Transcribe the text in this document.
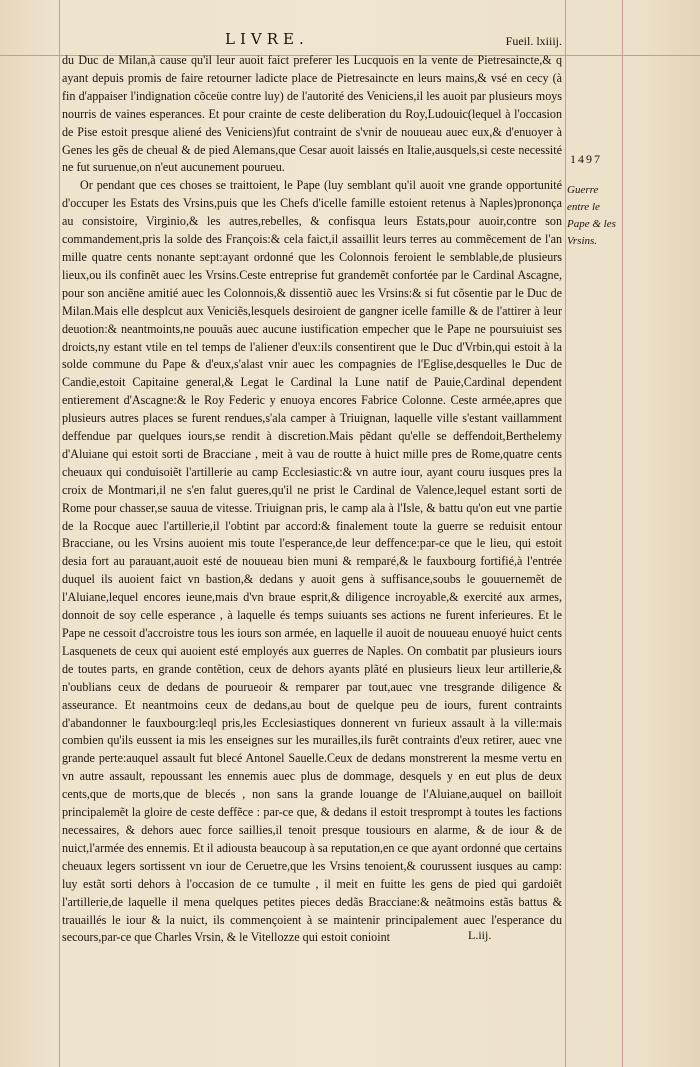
LIVRE.	Fueil. lxiiij.

du Duc de Milan,à cause qu'il leur auoit faict preferer les Lucquois en la vente de Pietresaincte,& q ayant depuis promis de faire retourner ladicte place de Pietresaincte en leurs mains,& vsé en cecy (à fin d'appaiser l'indignation cõceüe contre luy) de l'autorité des Veniciens,il les auoit par plusieurs moys nourris de vaines esperances. Et pour crainte de ceste deliberation du Roy,Ludouic(lequel à l'occasion de Pise estoit presque aliené des Veniciens)fut contraint de s'vnir de nouueau auec eux,& d'enuoyer à Genes les gẽs de cheual & de pied Alemans,que Cesar auoit laissés en Italie,ausquels,si ceste necessité ne fut suruenue,on n'eut aucunement pourueu.

Or pendant que ces choses se traittoient, le Pape (luy semblant qu'il auoit vne grande opportunité d'occuper les Estats des Vrsins,puis que les Chefs d'icelle famille estoient retenus à Naples)prononça au consistoire, Virginio,& les autres,rebelles, & confisqua leurs Estats,pour auoir,contre son commandement,pris la solde des François:& cela faict,il assaillit leurs terres au commẽcement de l'an mille quatre cents nonante sept:ayant ordonné que les Colonnois feroient le semblable,de plusieurs lieux,ou ils confinẽt auec les Vrsins.Ceste entreprise fut grandemẽt confortée par le Cardinal Ascagne, pour son anciẽne amitié auec les Colonnois,& dissentiõ auec les Vrsins:& si fut cõsentie par le Duc de Milan.Mais elle desplcut aux Veniciẽs,lesquels desiroient de gangner icelle famille & de l'attirer à leur deuotion:& neantmoints,ne pouuãs auec aucune iustification empecher que le Pape ne poursuiuist ses droicts,ny estant vtile en tel temps de l'aliener d'eux:ils consentirent que le Duc d'Vrbin,qui estoit à la solde commune du Pape & d'eux,s'alast vnir auec les compagnies de l'Eglise,desquelles le Duc de Candie,estoit Capitaine general,& Legat le Cardinal la Lune natif de Pauie,Cardinal dependent entierement d'Ascagne:& le Roy Federic y enuoya encores Fabrice Colonne. Ceste armée,apres que plusieurs autres places se furent rendues,s'ala camper à Triuignan, laquelle ville s'estant vaillamment deffendue par quelques iours,se rendit à discretion.Mais pẽdant qu'elle se deffendoit,Berthelemy d'Aluiane qui estoit sorti de Bracciane , meit à vau de routte à huict mille pres de Rome,quatre cents cheuaux qui conduisoiẽt l'artillerie au camp Ecclesiastic:& vn autre iour, ayant couru iusques pres la croix de Montmari,il ne s'en falut gueres,qu'il ne prist le Cardinal de Valence,lequel estant sorti de Rome pour chasser,se sauua de vitesse. Triuignan pris, le camp ala à l'Isle, & battu qu'on eut vne partie de la Rocque auec l'artillerie,il l'obtint par accord:& finalement toute la guerre se reduisit entour Bracciane, ou les Vrsins auoient mis toute l'esperance,de leur deffence:par-ce que le lieu, qui estoit desia fort au parauant,auoit esté de nouueau bien muni & remparé,& le fauxbourg fortifié,à l'entrée duquel ils auoient faict vn bastion,& dedans y auoit gens à suffisance,soubs le gouuernemẽt de l'Aluiane,lequel encores ieune,mais d'vn braue esprit,& diligence incroyable,& exercité aux armes, donnoit de soy celle esperance , à laquelle és temps suiuants ses actions ne furent inferieures. Et le Pape ne cessoit d'accroistre tous les iours son armée, en laquelle il auoit de nouueau enuoyé huict cents Lasquenets de ceux qui auoient esté employés aux guerres de Naples. On combatit par plusieurs iours de toutes parts, en grande contẽtion, ceux de dehors ayants plãté en plusieurs lieux leur artillerie,& n'oublians ceux de dedans de pourueoir & remparer par tout,auec vne tresgrande diligence & asseurance. Et neantmoins ceux de dedans,au bout de quelque peu de iours, furent contraints d'abandonner le fauxbourg:leql pris,les Ecclesiastiques donnerent vn furieux assault à la ville:mais combien qu'ils eussent ia mis les enseignes sur les murailles,ils furẽt contraints d'eux retirer, auec vne grande perte:auquel assault fut blecé Antonel Sauelle.Ceux de dedans monstrerent la mesme vertu en vn autre assault, repoussant les ennemis auec plus de dommage, desquels y en eut plus de deux cents,que de morts,que de blecés , non sans la grande louange de l'Aluiane,auquel on bailloit principalemẽt la gloire de ceste deffẽce : par-ce que, & dedans il estoit tresprompt à toutes les factions necessaires, & dehors auec force saillies,il tenoit presque tousiours en alarme, & de iour & de nuict,l'armée des ennemis. Et il adiousta beaucoup à sa reputation,en ce que ayant ordonné que certains cheuaux legers sortissent vn iour de Ceruetre,que les Vrsins tenoient,& courussent iusques au camp: luy estãt sorti dehors à l'occasion de ce tumulte , il meit en fuitte les gens de pied qui gardoiẽt l'artillerie,de laquelle il mena quelques petites pieces dedãs Bracciane:& neãtmoins estãs battus & trauaillés le iour & la nuict, ils commençoient à se maintenir principalement auec l'esperance du secours,par-ce que Charles Vrsin, & le Vitellozze qui estoit conioint

1497
Guerre entre le Pape & les Vrsins.
L.iij.
